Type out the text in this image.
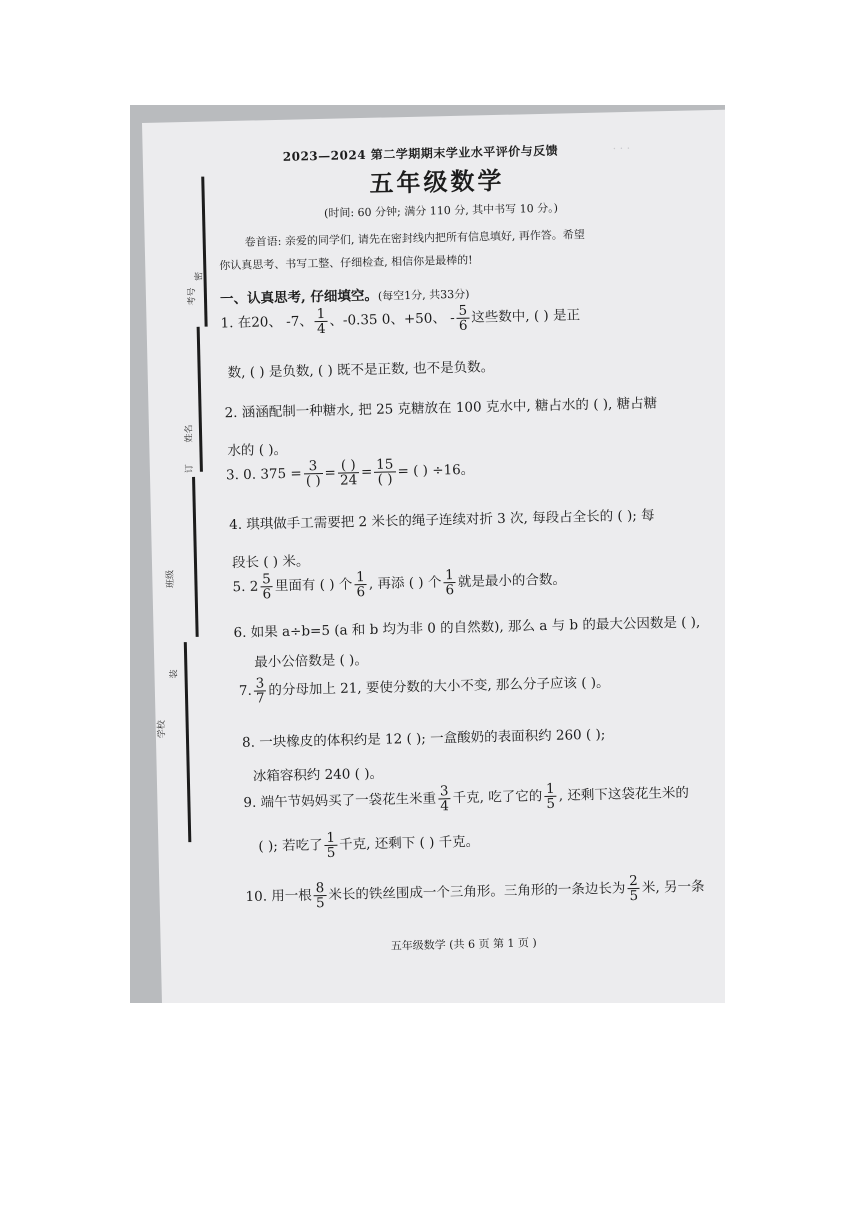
· · ·
考号
密
姓名
订
班级
装
学校
2023—2024 第二学期期末学业水平评价与反馈
五年级数学
(时间: 60 分钟; 满分 110 分, 其中书写 10 分。)
卷首语: 亲爱的同学们, 请先在密封线内把所有信息填好, 再作答。希望
你认真思考、书写工整、仔细检查, 相信你是最棒的!
一、认真思考, 仔细填空。(每空1分, 共33分)
1. 在20、 -7、 $\frac{1}{4}$ 、-0.35 0、+50、 - $\frac{5}{6}$ 这些数中, ( ) 是正
数, ( ) 是负数, ( ) 既不是正数, 也不是负数。
2. 涵涵配制一种糖水, 把 25 克糖放在 100 克水中, 糖占水的 ( ), 糖占糖
水的 ( )。
3. 0. $375 = \frac{3}{( )} = \frac{( )}{24} = \frac{15}{( )}$ = ( ) ÷16。
4. 琪琪做手工需要把 2 米长的绳子连续对折 3 次, 每段占全长的 ( ); 每
段长 ( ) 米。
5. $2 \frac{5}{6}$ 里面有 ( ) 个 $\frac{1}{6}$ , 再添 ( ) 个 $\frac{1}{6}$ 就是最小的合数。
6. 如果 a÷b=5 (a 和 b 均为非 0 的自然数), 那么 a 与 b 的最大公因数是 ( ),
最小公倍数是 ( )。
7. $\frac{3}{7}$ 的分母加上 21, 要使分数的大小不变, 那么分子应该 ( )。
8. 一块橡皮的体积约是 12 ( ); 一盒酸奶的表面积约 260 ( );
冰箱容积约 240 ( )。
9. 端午节妈妈买了一袋花生米重 $\frac{3}{4}$ 千克, 吃了它的 $\frac{1}{5}$ , 还剩下这袋花生米的
( ); 若吃了 $\frac{1}{5}$ 千克, 还剩下 ( ) 千克。
10. 用一根 $\frac{8}{5}$ 米长的铁丝围成一个三角形。三角形的一条边长为 $\frac{2}{5}$ 米, 另一条
五年级数学 (共 6 页 第 1 页 )
